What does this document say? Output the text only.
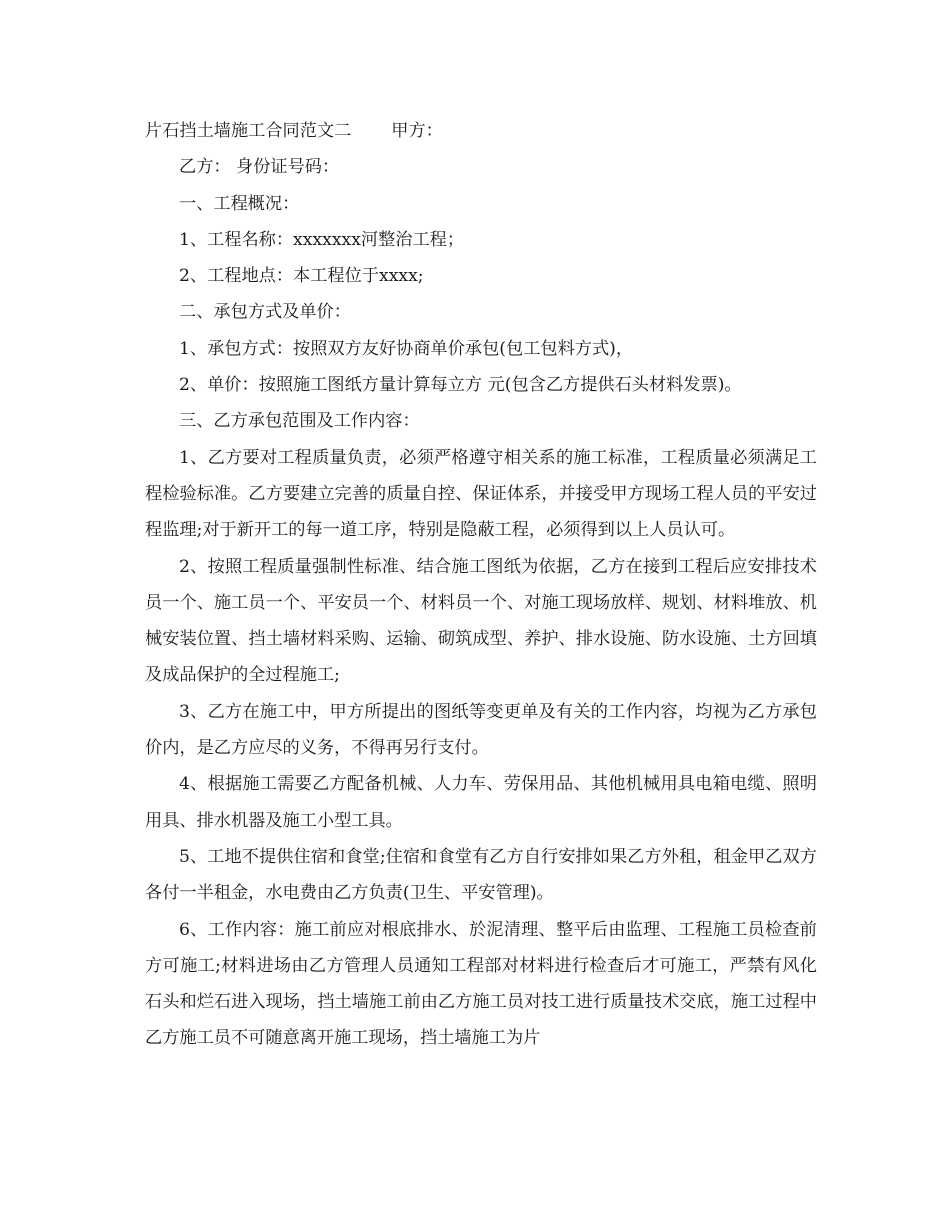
片石挡土墙施工合同范文二 甲方：

乙方： 身份证号码：

一、工程概况：

1、工程名称：xxxxxxx河整治工程；

2、工程地点：本工程位于xxxx;

二、承包方式及单价：

1、承包方式：按照双方友好协商单价承包(包工包料方式)，

2、单价：按照施工图纸方量计算每立方 元(包含乙方提供石头材料发票)。

三、乙方承包范围及工作内容：

1、乙方要对工程质量负责，必须严格遵守相关系的施工标准，工程质量必须满足工程检验标准。乙方要建立完善的质量自控、保证体系，并接受甲方现场工程人员的平安过程监理;对于新开工的每一道工序，特别是隐蔽工程，必须得到以上人员认可。

2、按照工程质量强制性标准、结合施工图纸为依据，乙方在接到工程后应安排技术员一个、施工员一个、平安员一个、材料员一个、对施工现场放样、规划、材料堆放、机械安装位置、挡土墙材料采购、运输、砌筑成型、养护、排水设施、防水设施、土方回填及成品保护的全过程施工;

3、乙方在施工中，甲方所提出的图纸等变更单及有关的工作内容，均视为乙方承包价内，是乙方应尽的义务，不得再另行支付。

4、根据施工需要乙方配备机械、人力车、劳保用品、其他机械用具电箱电缆、照明用具、排水机器及施工小型工具。

5、工地不提供住宿和食堂;住宿和食堂有乙方自行安排如果乙方外租，租金甲乙双方各付一半租金，水电费由乙方负责(卫生、平安管理)。

6、工作内容：施工前应对根底排水、於泥清理、整平后由监理、工程施工员检查前方可施工;材料进场由乙方管理人员通知工程部对材料进行检查后才可施工，严禁有风化石头和烂石进入现场，挡土墙施工前由乙方施工员对技工进行质量技术交底，施工过程中乙方施工员不可随意离开施工现场，挡土墙施工为片
